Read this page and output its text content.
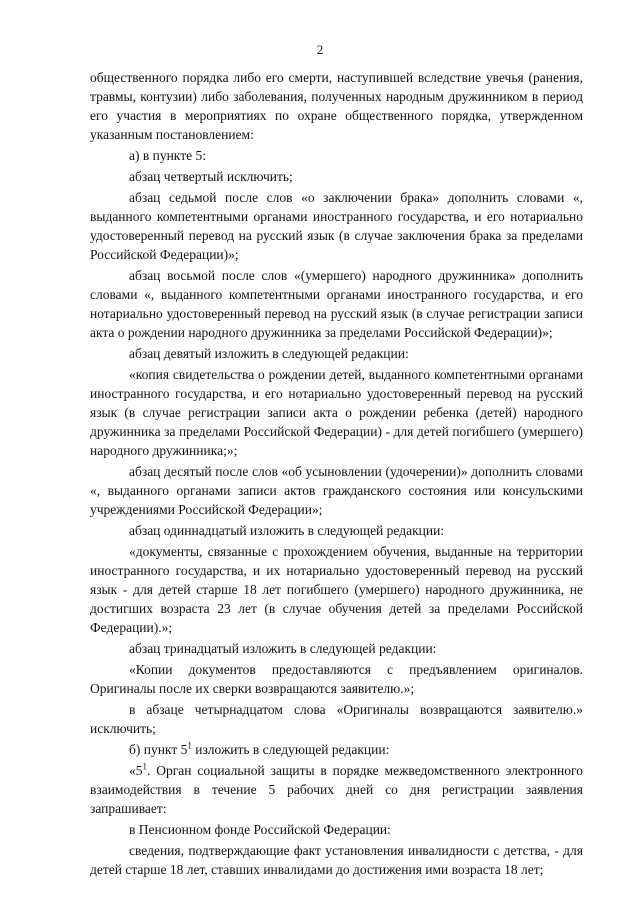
2

общественного порядка либо его смерти, наступившей вследствие увечья (ранения, травмы, контузии) либо заболевания, полученных народным дружинником в период его участия в мероприятиях по охране общественного порядка, утвержденном указанным постановлением:

а) в пункте 5:

абзац четвертый исключить;

абзац седьмой после слов «о заключении брака» дополнить словами «, выданного компетентными органами иностранного государства, и его нотариально удостоверенный перевод на русский язык (в случае заключения брака за пределами Российской Федерации)»;

абзац восьмой после слов «(умершего) народного дружинника» дополнить словами «, выданного компетентными органами иностранного государства, и его нотариально удостоверенный перевод на русский язык (в случае регистрации записи акта о рождении народного дружинника за пределами Российской Федерации)»;

абзац девятый изложить в следующей редакции:

«копия свидетельства о рождении детей, выданного компетентными органами иностранного государства, и его нотариально удостоверенный перевод на русский язык (в случае регистрации записи акта о рождении ребенка (детей) народного дружинника за пределами Российской Федерации) - для детей погибшего (умершего) народного дружинника;»;

абзац десятый после слов «об усыновлении (удочерении)» дополнить словами «, выданного органами записи актов гражданского состояния или консульскими учреждениями Российской Федерации»;

абзац одиннадцатый изложить в следующей редакции:

«документы, связанные с прохождением обучения, выданные на территории иностранного государства, и их нотариально удостоверенный перевод на русский язык - для детей старше 18 лет погибшего (умершего) народного дружинника, не достигших возраста 23 лет (в случае обучения детей за пределами Российской Федерации).»;

абзац тринадцатый изложить в следующей редакции:

«Копии документов предоставляются с предъявлением оригиналов. Оригиналы после их сверки возвращаются заявителю.»;

в абзаце четырнадцатом слова «Оригиналы возвращаются заявителю.» исключить;

б) пункт $5^1$ изложить в следующей редакции:

«$5^1$. Орган социальной защиты в порядке межведомственного электронного взаимодействия в течение 5 рабочих дней со дня регистрации заявления запрашивает:

в Пенсионном фонде Российской Федерации:

сведения, подтверждающие факт установления инвалидности с детства, - для детей старше 18 лет, ставших инвалидами до достижения ими возраста 18 лет;
